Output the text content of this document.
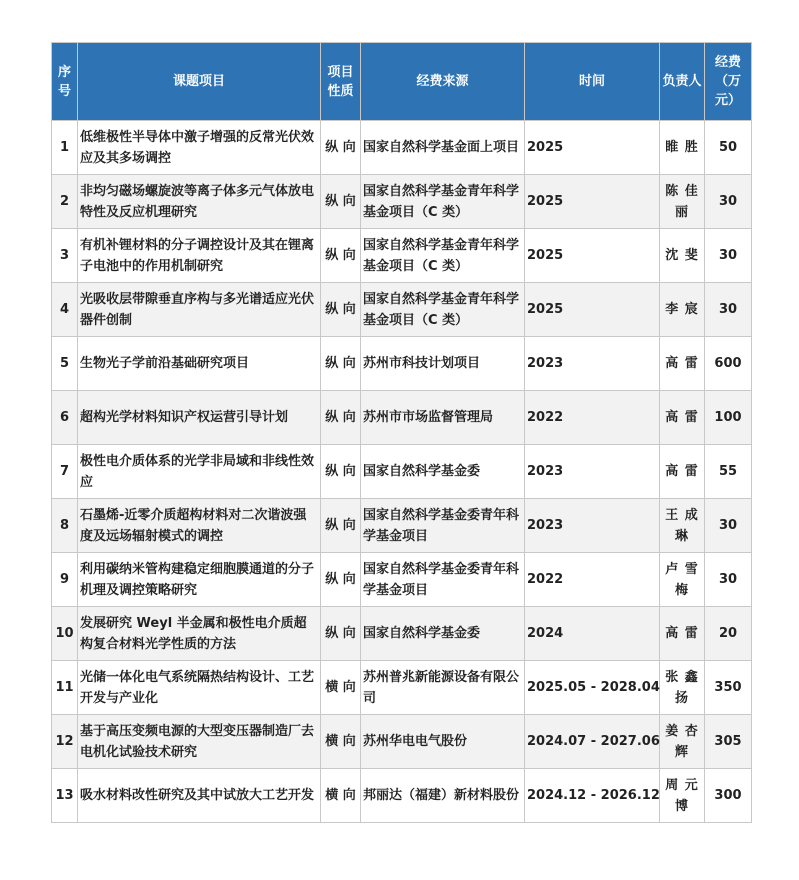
序号	课题项目	项目性质	经费来源	时间	负责人	经费（万元）
1	低维极性半导体中激子增强的反常光伏效应及其多场调控	纵 向	国家自然科学基金面上项目	2025	睢 胜	50
2	非均匀磁场螺旋波等离子体多元气体放电特性及反应机理研究	纵 向	国家自然科学基金青年科学基金项目（C 类）	2025	陈 佳 丽	30
3	有机补锂材料的分子调控设计及其在锂离子电池中的作用机制研究	纵 向	国家自然科学基金青年科学基金项目（C 类）	2025	沈 斐	30
4	光吸收层带隙垂直序构与多光谱适应光伏器件创制	纵 向	国家自然科学基金青年科学基金项目（C 类）	2025	李 宸	30
5	生物光子学前沿基础研究项目	纵 向	苏州市科技计划项目	2023	高 雷	600
6	超构光学材料知识产权运营引导计划	纵 向	苏州市市场监督管理局	2022	高 雷	100
7	极性电介质体系的光学非局域和非线性效应	纵 向	国家自然科学基金委	2023	高 雷	55
8	石墨烯-近零介质超构材料对二次谐波强度及远场辐射模式的调控	纵 向	国家自然科学基金委青年科学基金项目	2023	王 成 琳	30
9	利用碳纳米管构建稳定细胞膜通道的分子机理及调控策略研究	纵 向	国家自然科学基金委青年科学基金项目	2022	卢 雪 梅	30
10	发展研究 Weyl 半金属和极性电介质超构复合材料光学性质的方法	纵 向	国家自然科学基金委	2024	高 雷	20
11	光储一体化电气系统隔热结构设计、工艺开发与产业化	横 向	苏州普兆新能源设备有限公司	2025.05 - 2028.04	张 鑫 扬	350
12	基于高压变频电源的大型变压器制造厂去电机化试验技术研究	横 向	苏州华电电气股份	2024.07 - 2027.06	姜 杏 辉	305
13	吸水材料改性研究及其中试放大工艺开发	横 向	邦丽达（福建）新材料股份	2024.12 - 2026.12	周 元 博	300
